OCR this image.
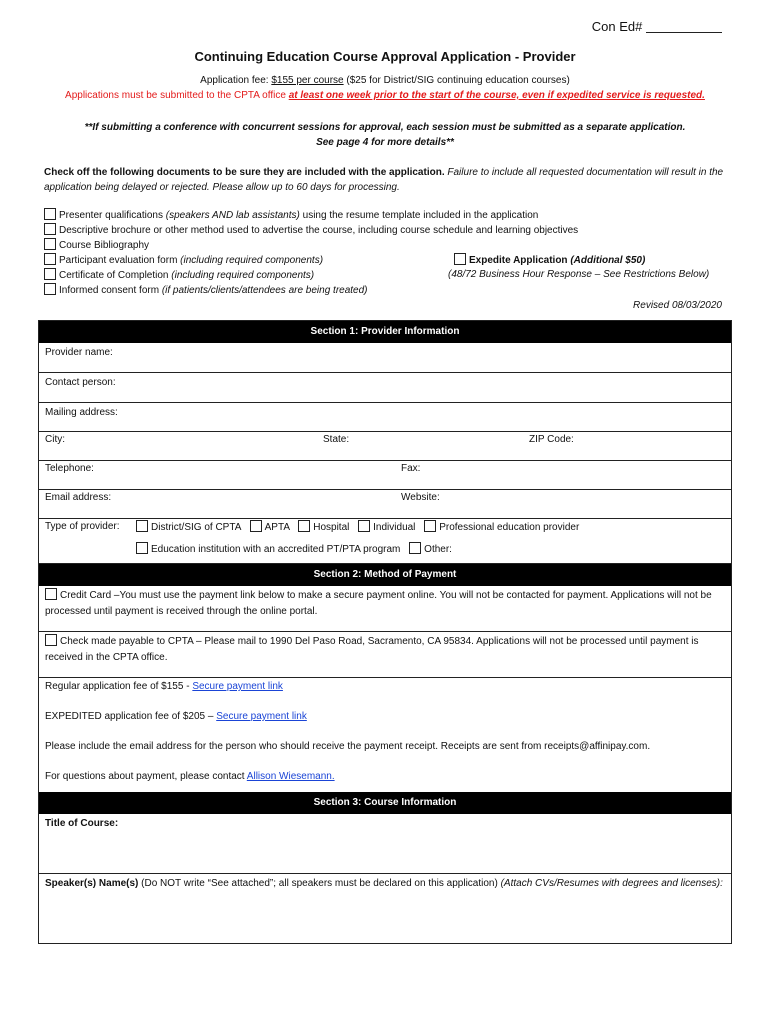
Con Ed#
Continuing Education Course Approval Application - Provider
Application fee: $155 per course ($25 for District/SIG continuing education courses)
Applications must be submitted to the CPTA office at least one week prior to the start of the course, even if expedited service is requested.
**If submitting a conference with concurrent sessions for approval, each session must be submitted as a separate application.
See page 4 for more details**
Check off the following documents to be sure they are included with the application. Failure to include all requested documentation will result in the application being delayed or rejected. Please allow up to 60 days for processing.
Presenter qualifications (speakers AND lab assistants) using the resume template included in the application
Descriptive brochure or other method used to advertise the course, including course schedule and learning objectives
Course Bibliography
Participant evaluation form (including required components)
Certificate of Completion (including required components)
Informed consent form (if patients/clients/attendees are being treated)
Expedite Application (Additional $50)
(48/72 Business Hour Response – See Restrictions Below)
Revised 08/03/2020
Section 1: Provider Information
Provider name:
Contact person:
Mailing address:
City:	State:	ZIP Code:
Telephone:	Fax:
Email address:	Website:
Type of provider:	District/SIG of CPTA APTA Hospital Individual Professional education provider
Education institution with an accredited PT/PTA program Other:
Section 2: Method of Payment
Credit Card –You must use the payment link below to make a secure payment online. You will not be contacted for payment. Applications will not be processed until payment is received through the online portal.
Check made payable to CPTA – Please mail to 1990 Del Paso Road, Sacramento, CA 95834. Applications will not be processed until payment is received in the CPTA office.
Regular application fee of $155 - Secure payment link
EXPEDITED application fee of $205 – Secure payment link
Please include the email address for the person who should receive the payment receipt. Receipts are sent from receipts@affinipay.com.
For questions about payment, please contact Allison Wiesemann.
Section 3: Course Information
Title of Course:
Speaker(s) Name(s) (Do NOT write “See attached”; all speakers must be declared on this application) (Attach CVs/Resumes with degrees and licenses):
